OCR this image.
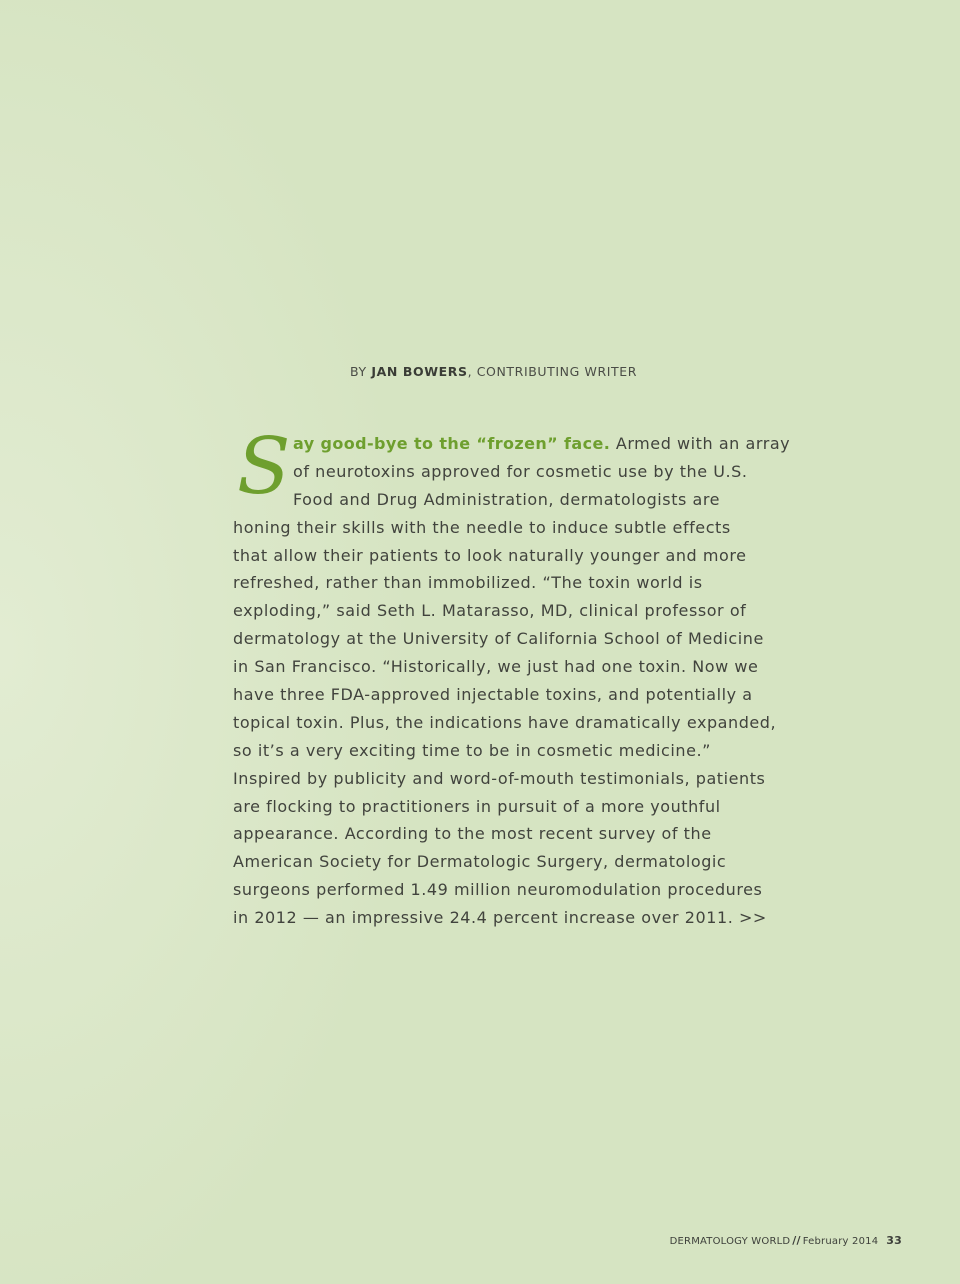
BY JAN BOWERS, CONTRIBUTING WRITER
S ay good-bye to the “frozen” face. Armed with an array
of neurotoxins approved for cosmetic use by the U.S.
Food and Drug Administration, dermatologists are
honing their skills with the needle to induce subtle effects
that allow their patients to look naturally younger and more
refreshed, rather than immobilized. “The toxin world is
exploding,” said Seth L. Matarasso, MD, clinical professor of
dermatology at the University of California School of Medicine
in San Francisco. “Historically, we just had one toxin. Now we
have three FDA-approved injectable toxins, and potentially a
topical toxin. Plus, the indications have dramatically expanded,
so it’s a very exciting time to be in cosmetic medicine.”
Inspired by publicity and word-of-mouth testimonials, patients
are flocking to practitioners in pursuit of a more youthful
appearance. According to the most recent survey of the
American Society for Dermatologic Surgery, dermatologic
surgeons performed 1.49 million neuromodulation procedures
in 2012 — an impressive 24.4 percent increase over 2011. >>
DERMATOLOGY WORLD // February 2014 33
